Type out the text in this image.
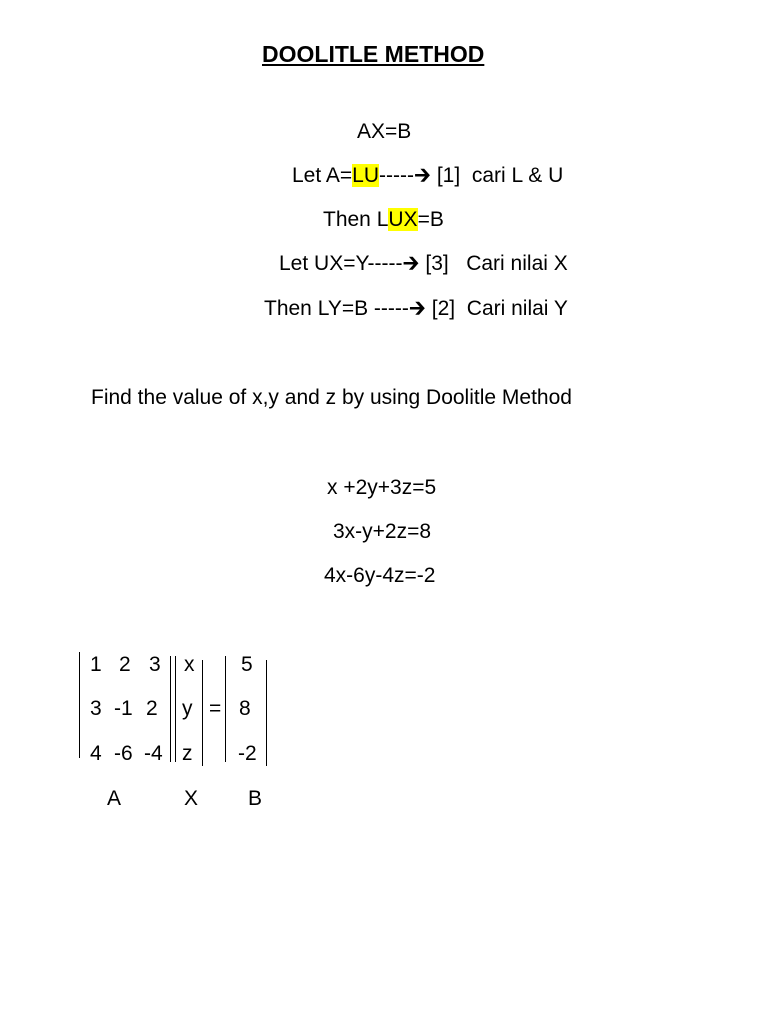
DOOLITLE METHOD
AX=B
Let A=LU-----🡲 [1]  cari L & U
Then LUX=B
Let UX=Y-----🡲 [3]   Cari nilai X
Then LY=B -----🡲 [2]  Cari nilai Y
Find the value of x,y and z by using Doolitle Method
x +2y+3z=5
3x-y+2z=8
4x-6y-4z=-2
1 2 3
3 -1 2
4 -6 -4
x
y
z
=
5
8
-2
A	X B
